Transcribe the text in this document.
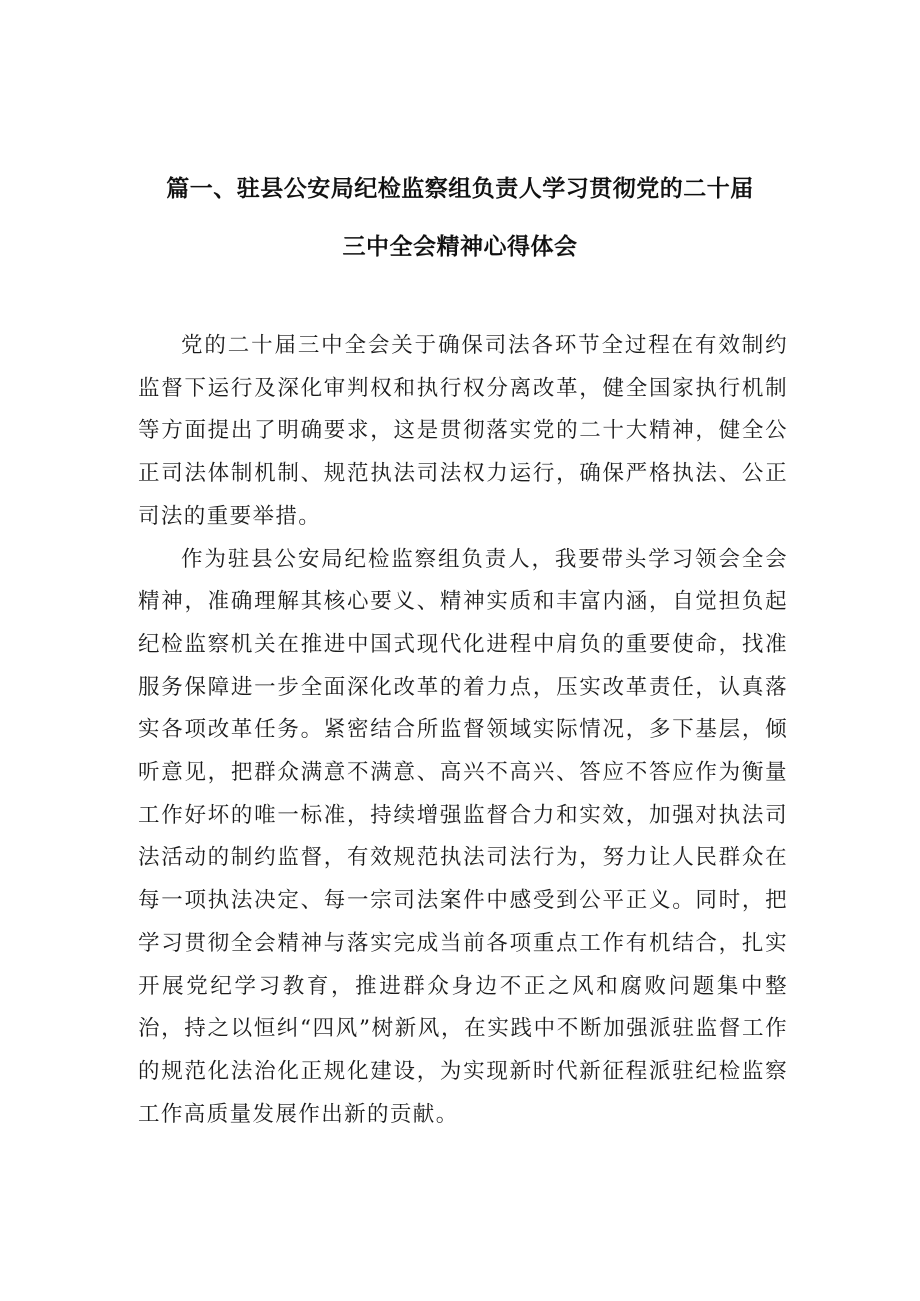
篇一、驻县公安局纪检监察组负责人学习贯彻党的二十届
三中全会精神心得体会

党的二十届三中全会关于确保司法各环节全过程在有效制约监督下运行及深化审判权和执行权分离改革，健全国家执行机制等方面提出了明确要求，这是贯彻落实党的二十大精神，健全公正司法体制机制、规范执法司法权力运行，确保严格执法、公正司法的重要举措。

作为驻县公安局纪检监察组负责人，我要带头学习领会全会精神，准确理解其核心要义、精神实质和丰富内涵，自觉担负起纪检监察机关在推进中国式现代化进程中肩负的重要使命，找准服务保障进一步全面深化改革的着力点，压实改革责任，认真落实各项改革任务。紧密结合所监督领域实际情况，多下基层，倾听意见，把群众满意不满意、高兴不高兴、答应不答应作为衡量工作好坏的唯一标准，持续增强监督合力和实效，加强对执法司法活动的制约监督，有效规范执法司法行为，努力让人民群众在每一项执法决定、每一宗司法案件中感受到公平正义。同时，把学习贯彻全会精神与落实完成当前各项重点工作有机结合，扎实开展党纪学习教育，推进群众身边不正之风和腐败问题集中整治，持之以恒纠“四风”树新风，在实践中不断加强派驻监督工作的规范化法治化正规化建设，为实现新时代新征程派驻纪检监察工作高质量发展作出新的贡献。
